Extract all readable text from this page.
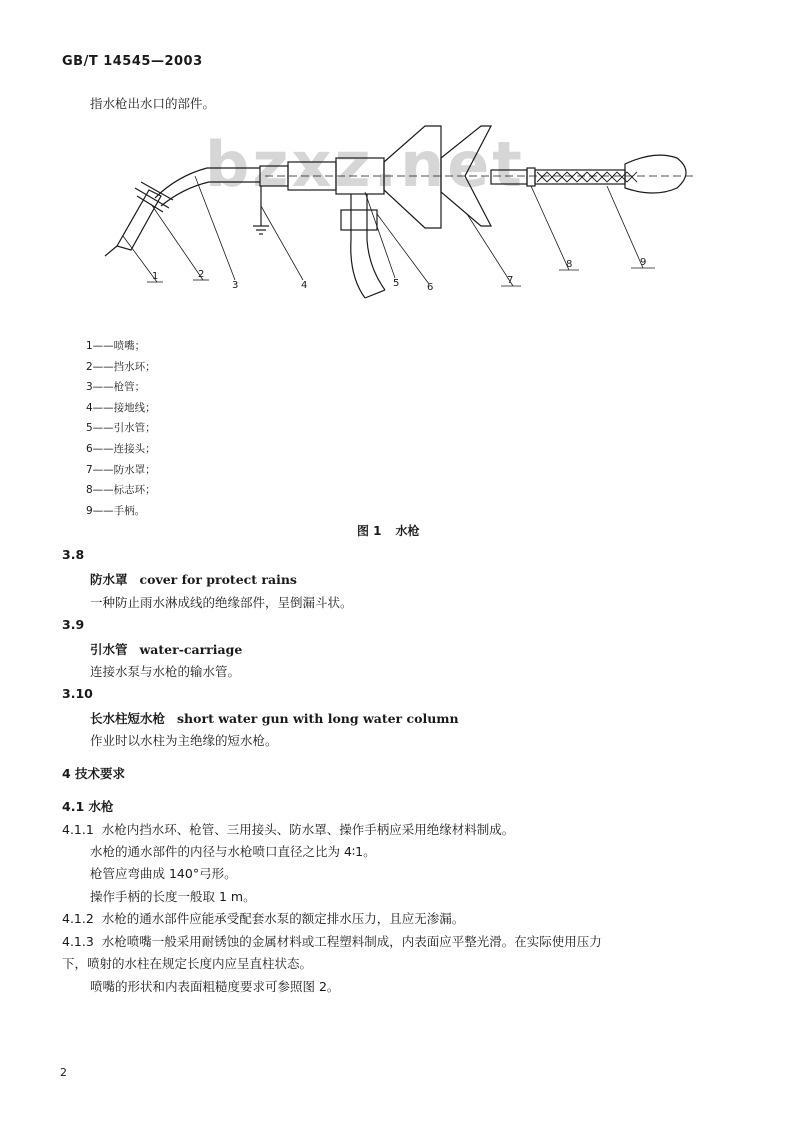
GB/T 14545—2003
指水枪出水口的部件。
bzxz.net
1	2
3	4	5	6
7
8	9
1——喷嘴；
2——挡水环；
3——枪管；
4——接地线；
5——引水管；
6——连接头；
7——防水罩；
8——标志环；
9——手柄。
图 1 水枪
3.8
防水罩 cover for protect rains
一种防止雨水淋成线的绝缘部件，呈倒漏斗状。
3.9
引水管 water-carriage
连接水泵与水枪的输水管。
3.10
长水柱短水枪 short water gun with long water column
作业时以水柱为主绝缘的短水枪。
4 技术要求
4.1 水枪
4.1.1 水枪内挡水环、枪管、三用接头、防水罩、操作手柄应采用绝缘材料制成。
水枪的通水部件的内径与水枪喷口直径之比为 4∶1。
枪管应弯曲成 140°弓形。
操作手柄的长度一般取 1 m。
4.1.2 水枪的通水部件应能承受配套水泵的额定排水压力，且应无渗漏。
4.1.3 水枪喷嘴一般采用耐锈蚀的金属材料或工程塑料制成，内表面应平整光滑。在实际使用压力
下，喷射的水柱在规定长度内应呈直柱状态。
喷嘴的形状和内表面粗糙度要求可参照图 2。
2
